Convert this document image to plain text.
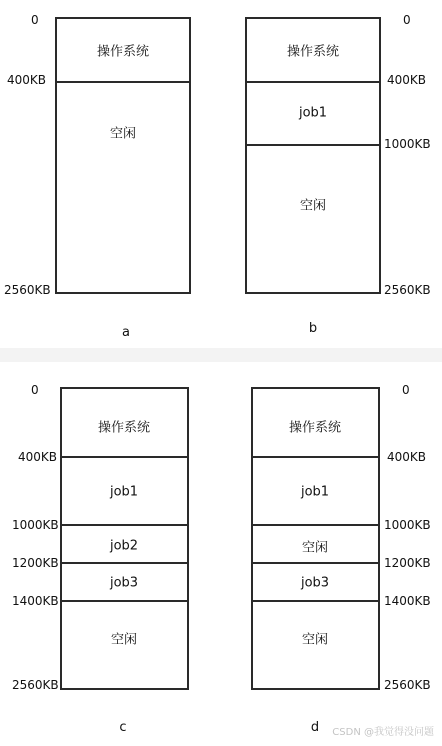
操作系统
空闲
0
400KB
2560KB
a
操作系统
job1
空闲
0
400KB
1000KB
2560KB
b
操作系统
job1
job2
job3
空闲
0
400KB
1000KB
1200KB
1400KB
2560KB
c
操作系统
job1
空闲
job3
空闲
0
400KB
1000KB
1200KB
1400KB
2560KB
d CSDN @我觉得没问题
